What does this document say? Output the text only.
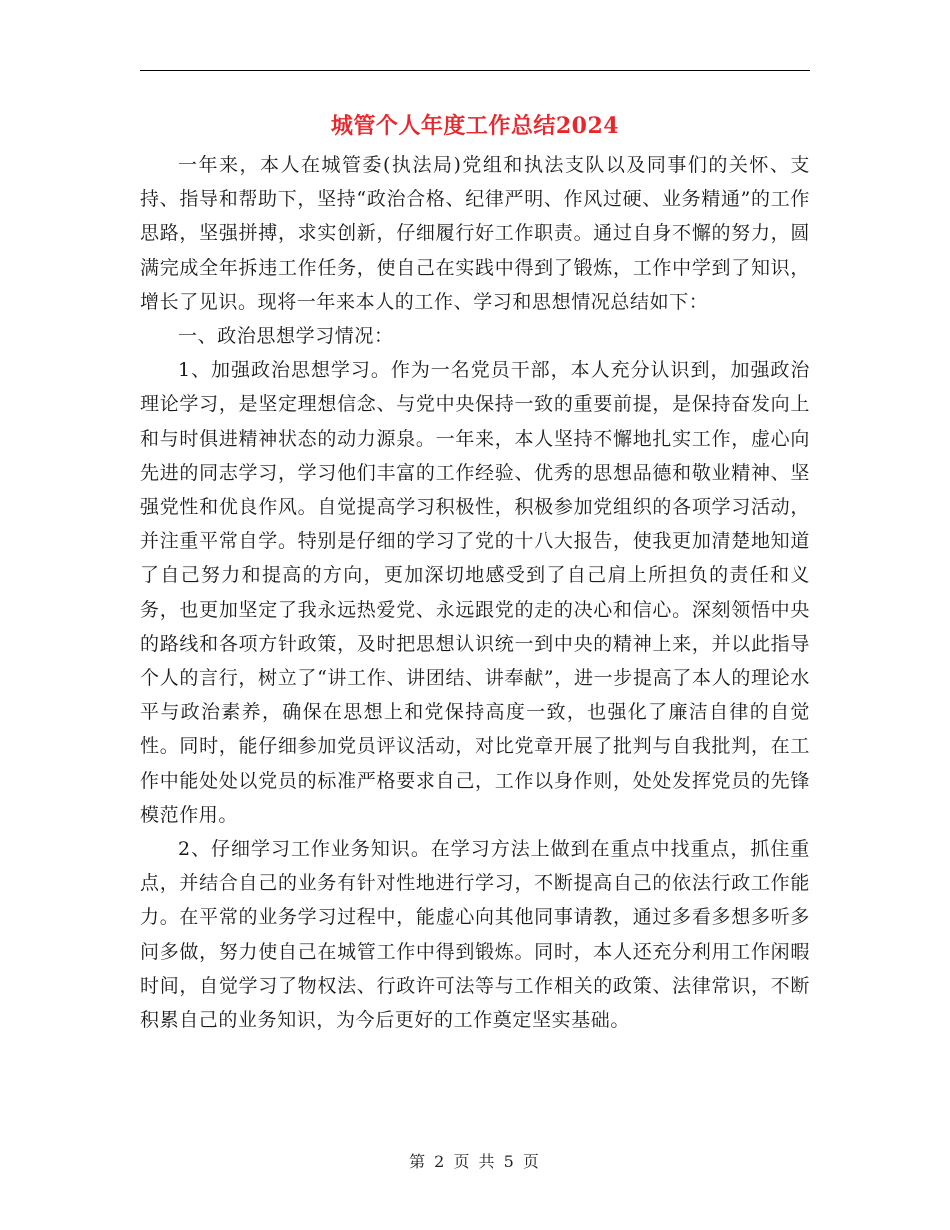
城管个人年度工作总结2024

一年来，本人在城管委(执法局)党组和执法支队以及同事们的关怀、支持、指导和帮助下，坚持“政治合格、纪律严明、作风过硬、业务精通”的工作思路，坚强拼搏，求实创新，仔细履行好工作职责。通过自身不懈的努力，圆满完成全年拆违工作任务，使自己在实践中得到了锻炼，工作中学到了知识，增长了见识。现将一年来本人的工作、学习和思想情况总结如下：

一、政治思想学习情况：

1、加强政治思想学习。作为一名党员干部，本人充分认识到，加强政治理论学习，是坚定理想信念、与党中央保持一致的重要前提，是保持奋发向上和与时俱进精神状态的动力源泉。一年来，本人坚持不懈地扎实工作，虚心向先进的同志学习，学习他们丰富的工作经验、优秀的思想品德和敬业精神、坚强党性和优良作风。自觉提高学习积极性，积极参加党组织的各项学习活动，并注重平常自学。特别是仔细的学习了党的十八大报告，使我更加清楚地知道了自己努力和提高的方向，更加深切地感受到了自己肩上所担负的责任和义务，也更加坚定了我永远热爱党、永远跟党的走的决心和信心。深刻领悟中央的路线和各项方针政策，及时把思想认识统一到中央的精神上来，并以此指导个人的言行，树立了“讲工作、讲团结、讲奉献”，进一步提高了本人的理论水平与政治素养，确保在思想上和党保持高度一致，也强化了廉洁自律的自觉性。同时，能仔细参加党员评议活动，对比党章开展了批判与自我批判，在工作中能处处以党员的标准严格要求自己，工作以身作则，处处发挥党员的先锋模范作用。

2、仔细学习工作业务知识。在学习方法上做到在重点中找重点，抓住重点，并结合自己的业务有针对性地进行学习，不断提高自己的依法行政工作能力。在平常的业务学习过程中，能虚心向其他同事请教，通过多看多想多听多问多做，努力使自己在城管工作中得到锻炼。同时，本人还充分利用工作闲暇时间，自觉学习了物权法、行政许可法等与工作相关的政策、法律常识，不断积累自己的业务知识，为今后更好的工作奠定坚实基础。

第 2 页 共 5 页
